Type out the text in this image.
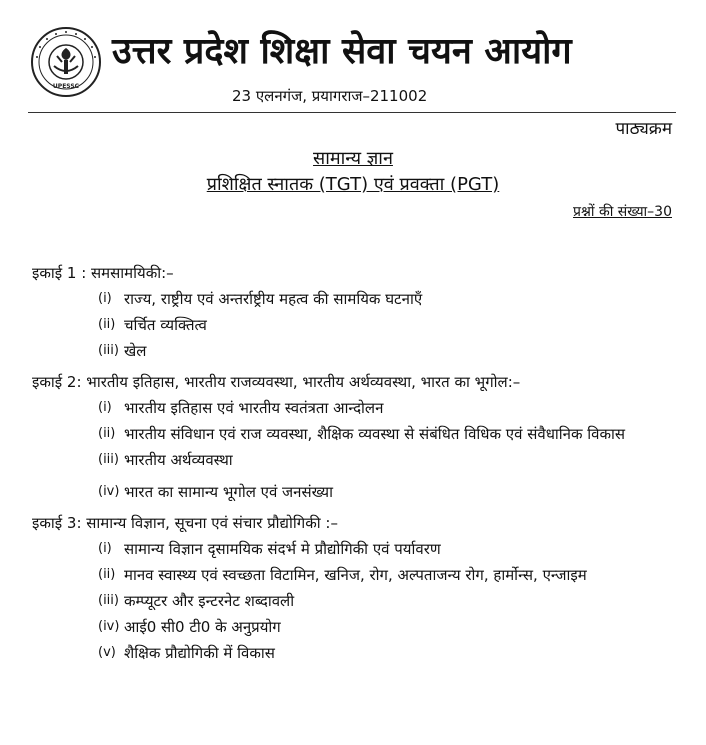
UPESSC
उत्तर प्रदेश शिक्षा सेवा चयन आयोग
23 एलनगंज, प्रयागराज–211002
पाठ्यक्रम
सामान्य ज्ञान
प्रशिक्षित स्नातक (TGT) एवं प्रवक्ता (PGT)
प्रश्नों की संख्या–30
इकाई 1 : समसामयिकी:–
(i) राज्य, राष्ट्रीय एवं अन्तर्राष्ट्रीय महत्व की सामयिक घटनाएँ
(ii) चर्चित व्यक्तित्व
(iii) खेल
इकाई 2: भारतीय इतिहास, भारतीय राजव्यवस्था, भारतीय अर्थव्यवस्था, भारत का भूगोल:–
(i) भारतीय इतिहास एवं भारतीय स्वतंत्रता आन्दोलन
(ii) भारतीय संविधान एवं राज व्यवस्था, शैक्षिक व्यवस्था से संबंधित विधिक एवं संवैधानिक विकास
(iii) भारतीय अर्थव्यवस्था
(iv) भारत का सामान्य भूगोल एवं जनसंख्या
इकाई 3: सामान्य विज्ञान, सूचना एवं संचार प्रौद्योगिकी :–
(i) सामान्य विज्ञान दृसामयिक संदर्भ मे प्रौद्योगिकी एवं पर्यावरण
(ii) मानव स्वास्थ्य एवं स्वच्छता विटामिन, खनिज, रोग, अल्पताजन्य रोग, हार्मोन्स, एन्जाइम
(iii) कम्प्यूटर और इन्टरनेट शब्दावली
(iv) आई0 सी0 टी0 के अनुप्रयोग
(v) शैक्षिक प्रौद्योगिकी में विकास
